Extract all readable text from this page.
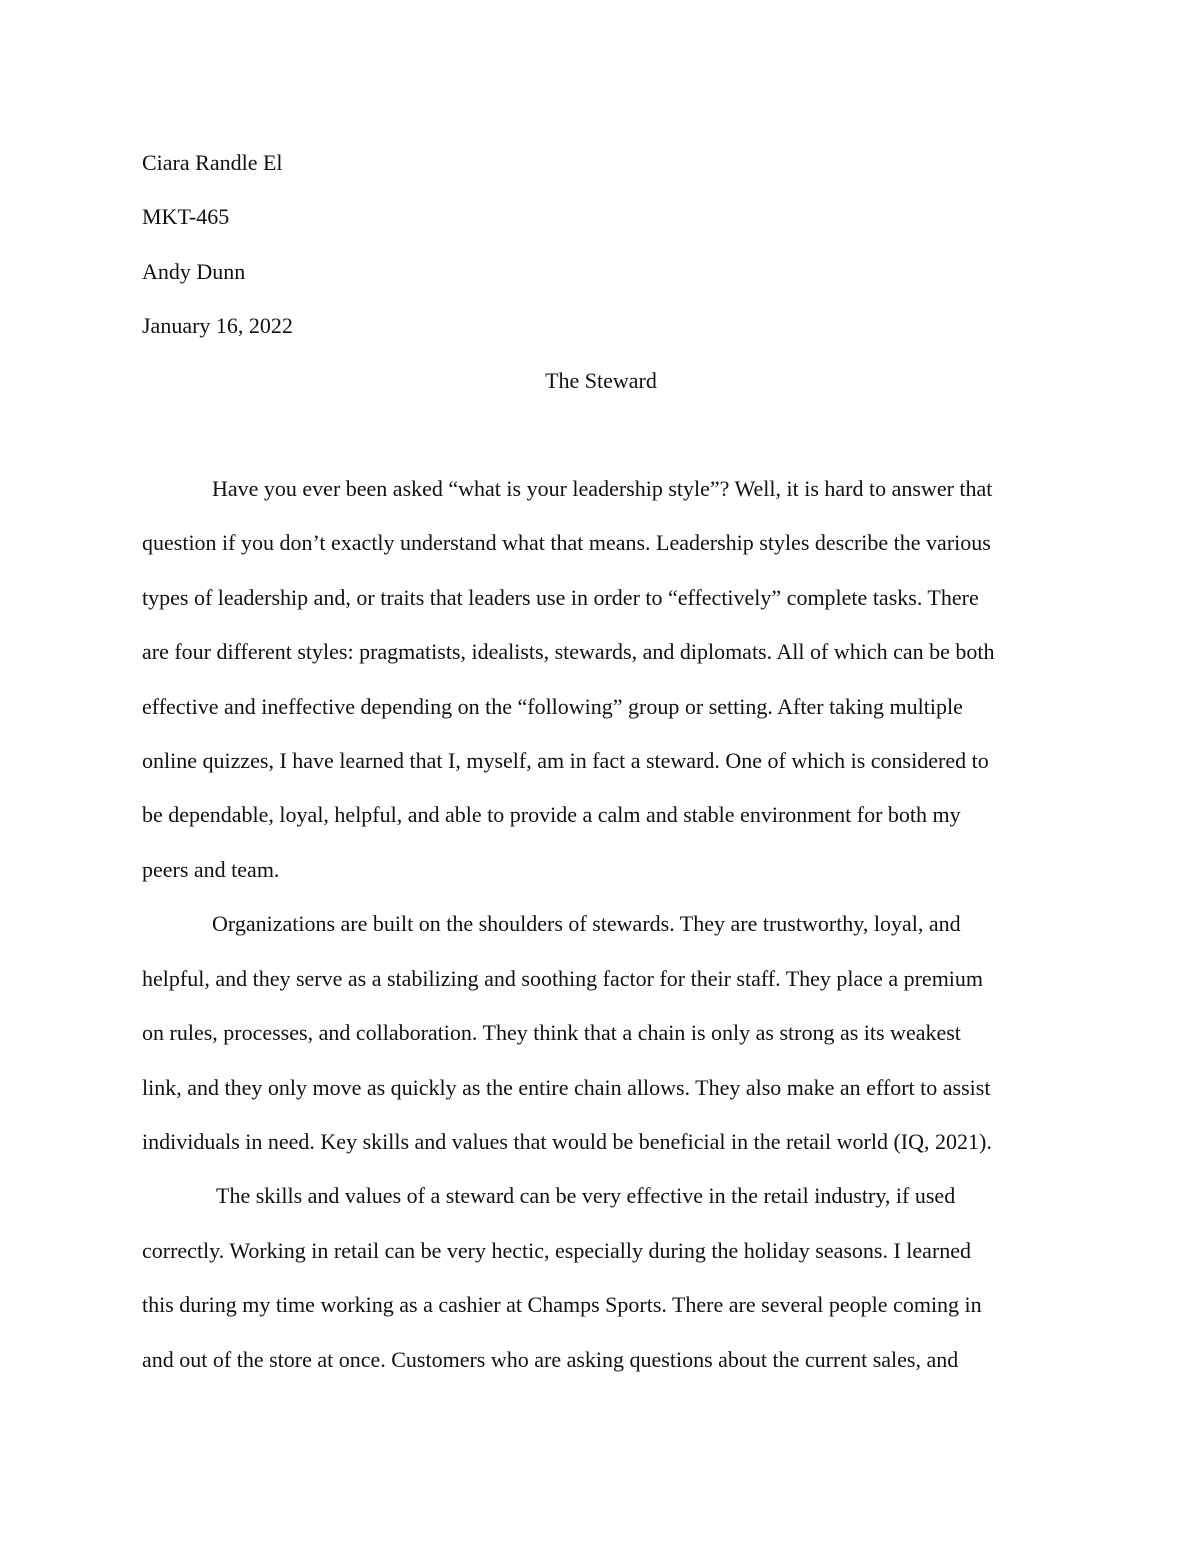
Ciara Randle El

MKT-465

Andy Dunn

January 16, 2022

The Steward

Have you ever been asked “what is your leadership style”? Well, it is hard to answer that

question if you don’t exactly understand what that means. Leadership styles describe the various

types of leadership and, or traits that leaders use in order to “effectively” complete tasks. There

are four different styles: pragmatists, idealists, stewards, and diplomats. All of which can be both

effective and ineffective depending on the “following” group or setting. After taking multiple

online quizzes, I have learned that I, myself, am in fact a steward. One of which is considered to

be dependable, loyal, helpful, and able to provide a calm and stable environment for both my

peers and team.

Organizations are built on the shoulders of stewards. They are trustworthy, loyal, and

helpful, and they serve as a stabilizing and soothing factor for their staff. They place a premium

on rules, processes, and collaboration. They think that a chain is only as strong as its weakest

link, and they only move as quickly as the entire chain allows. They also make an effort to assist

individuals in need. Key skills and values that would be beneficial in the retail world (IQ, 2021).

The skills and values of a steward can be very effective in the retail industry, if used

correctly. Working in retail can be very hectic, especially during the holiday seasons. I learned

this during my time working as a cashier at Champs Sports. There are several people coming in

and out of the store at once. Customers who are asking questions about the current sales, and
